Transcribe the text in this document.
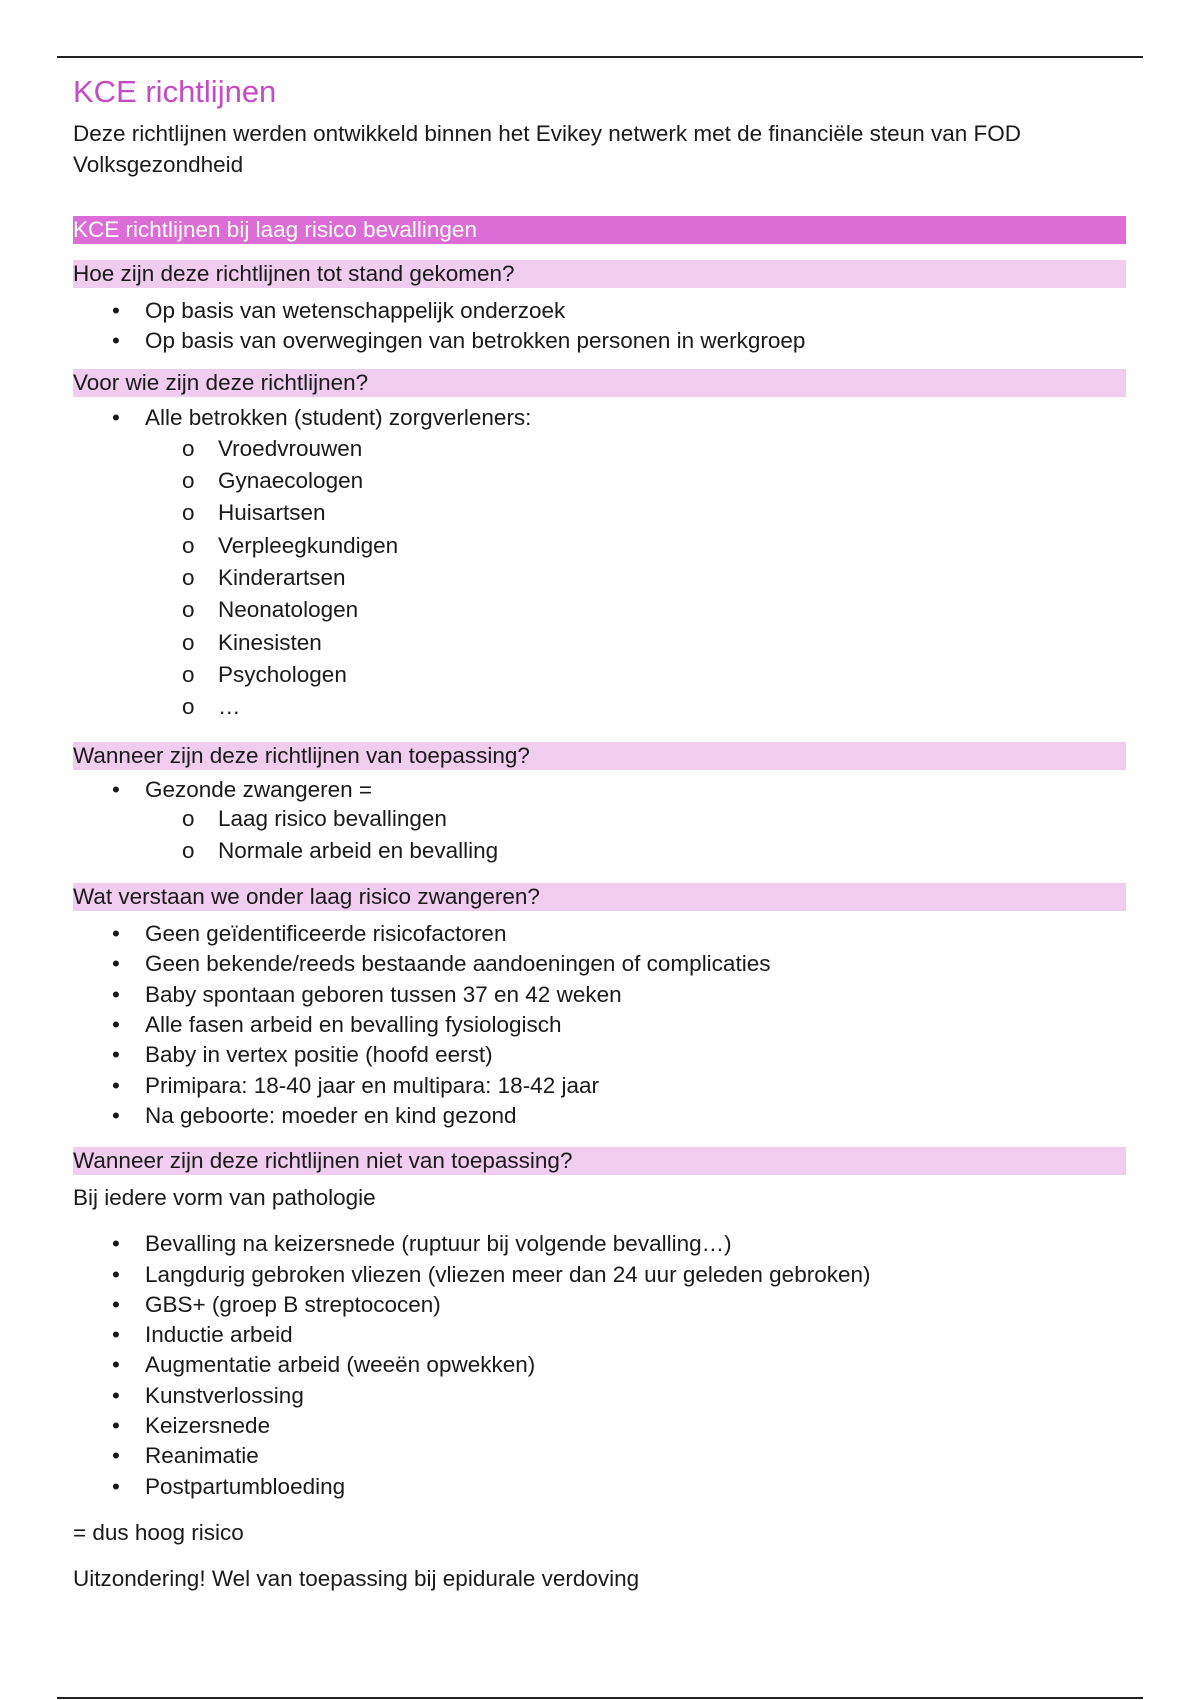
KCE richtlijnen

Deze richtlijnen werden ontwikkeld binnen het Evikey netwerk met de financiële steun van FOD Volksgezondheid

KCE richtlijnen bij laag risico bevallingen
Hoe zijn deze richtlijnen tot stand gekomen?
• Op basis van wetenschappelijk onderzoek
• Op basis van overwegingen van betrokken personen in werkgroep
Voor wie zijn deze richtlijnen?
• Alle betrokken (student) zorgverleners:
o Vroedvrouwen
o Gynaecologen
o Huisartsen
o Verpleegkundigen
o Kinderartsen
o Neonatologen
o Kinesisten
o Psychologen
o …
Wanneer zijn deze richtlijnen van toepassing?
• Gezonde zwangeren =
o Laag risico bevallingen
o Normale arbeid en bevalling
Wat verstaan we onder laag risico zwangeren?
• Geen geïdentificeerde risicofactoren
• Geen bekende/reeds bestaande aandoeningen of complicaties
• Baby spontaan geboren tussen 37 en 42 weken
• Alle fasen arbeid en bevalling fysiologisch
• Baby in vertex positie (hoofd eerst)
• Primipara: 18-40 jaar en multipara: 18-42 jaar
• Na geboorte: moeder en kind gezond
Wanneer zijn deze richtlijnen niet van toepassing?

Bij iedere vorm van pathologie

• Bevalling na keizersnede (ruptuur bij volgende bevalling…)
• Langdurig gebroken vliezen (vliezen meer dan 24 uur geleden gebroken)
• GBS+ (groep B streptococen)
• Inductie arbeid
• Augmentatie arbeid (weeën opwekken)
• Kunstverlossing
• Keizersnede
• Reanimatie
• Postpartumbloeding

= dus hoog risico

Uitzondering! Wel van toepassing bij epidurale verdoving
